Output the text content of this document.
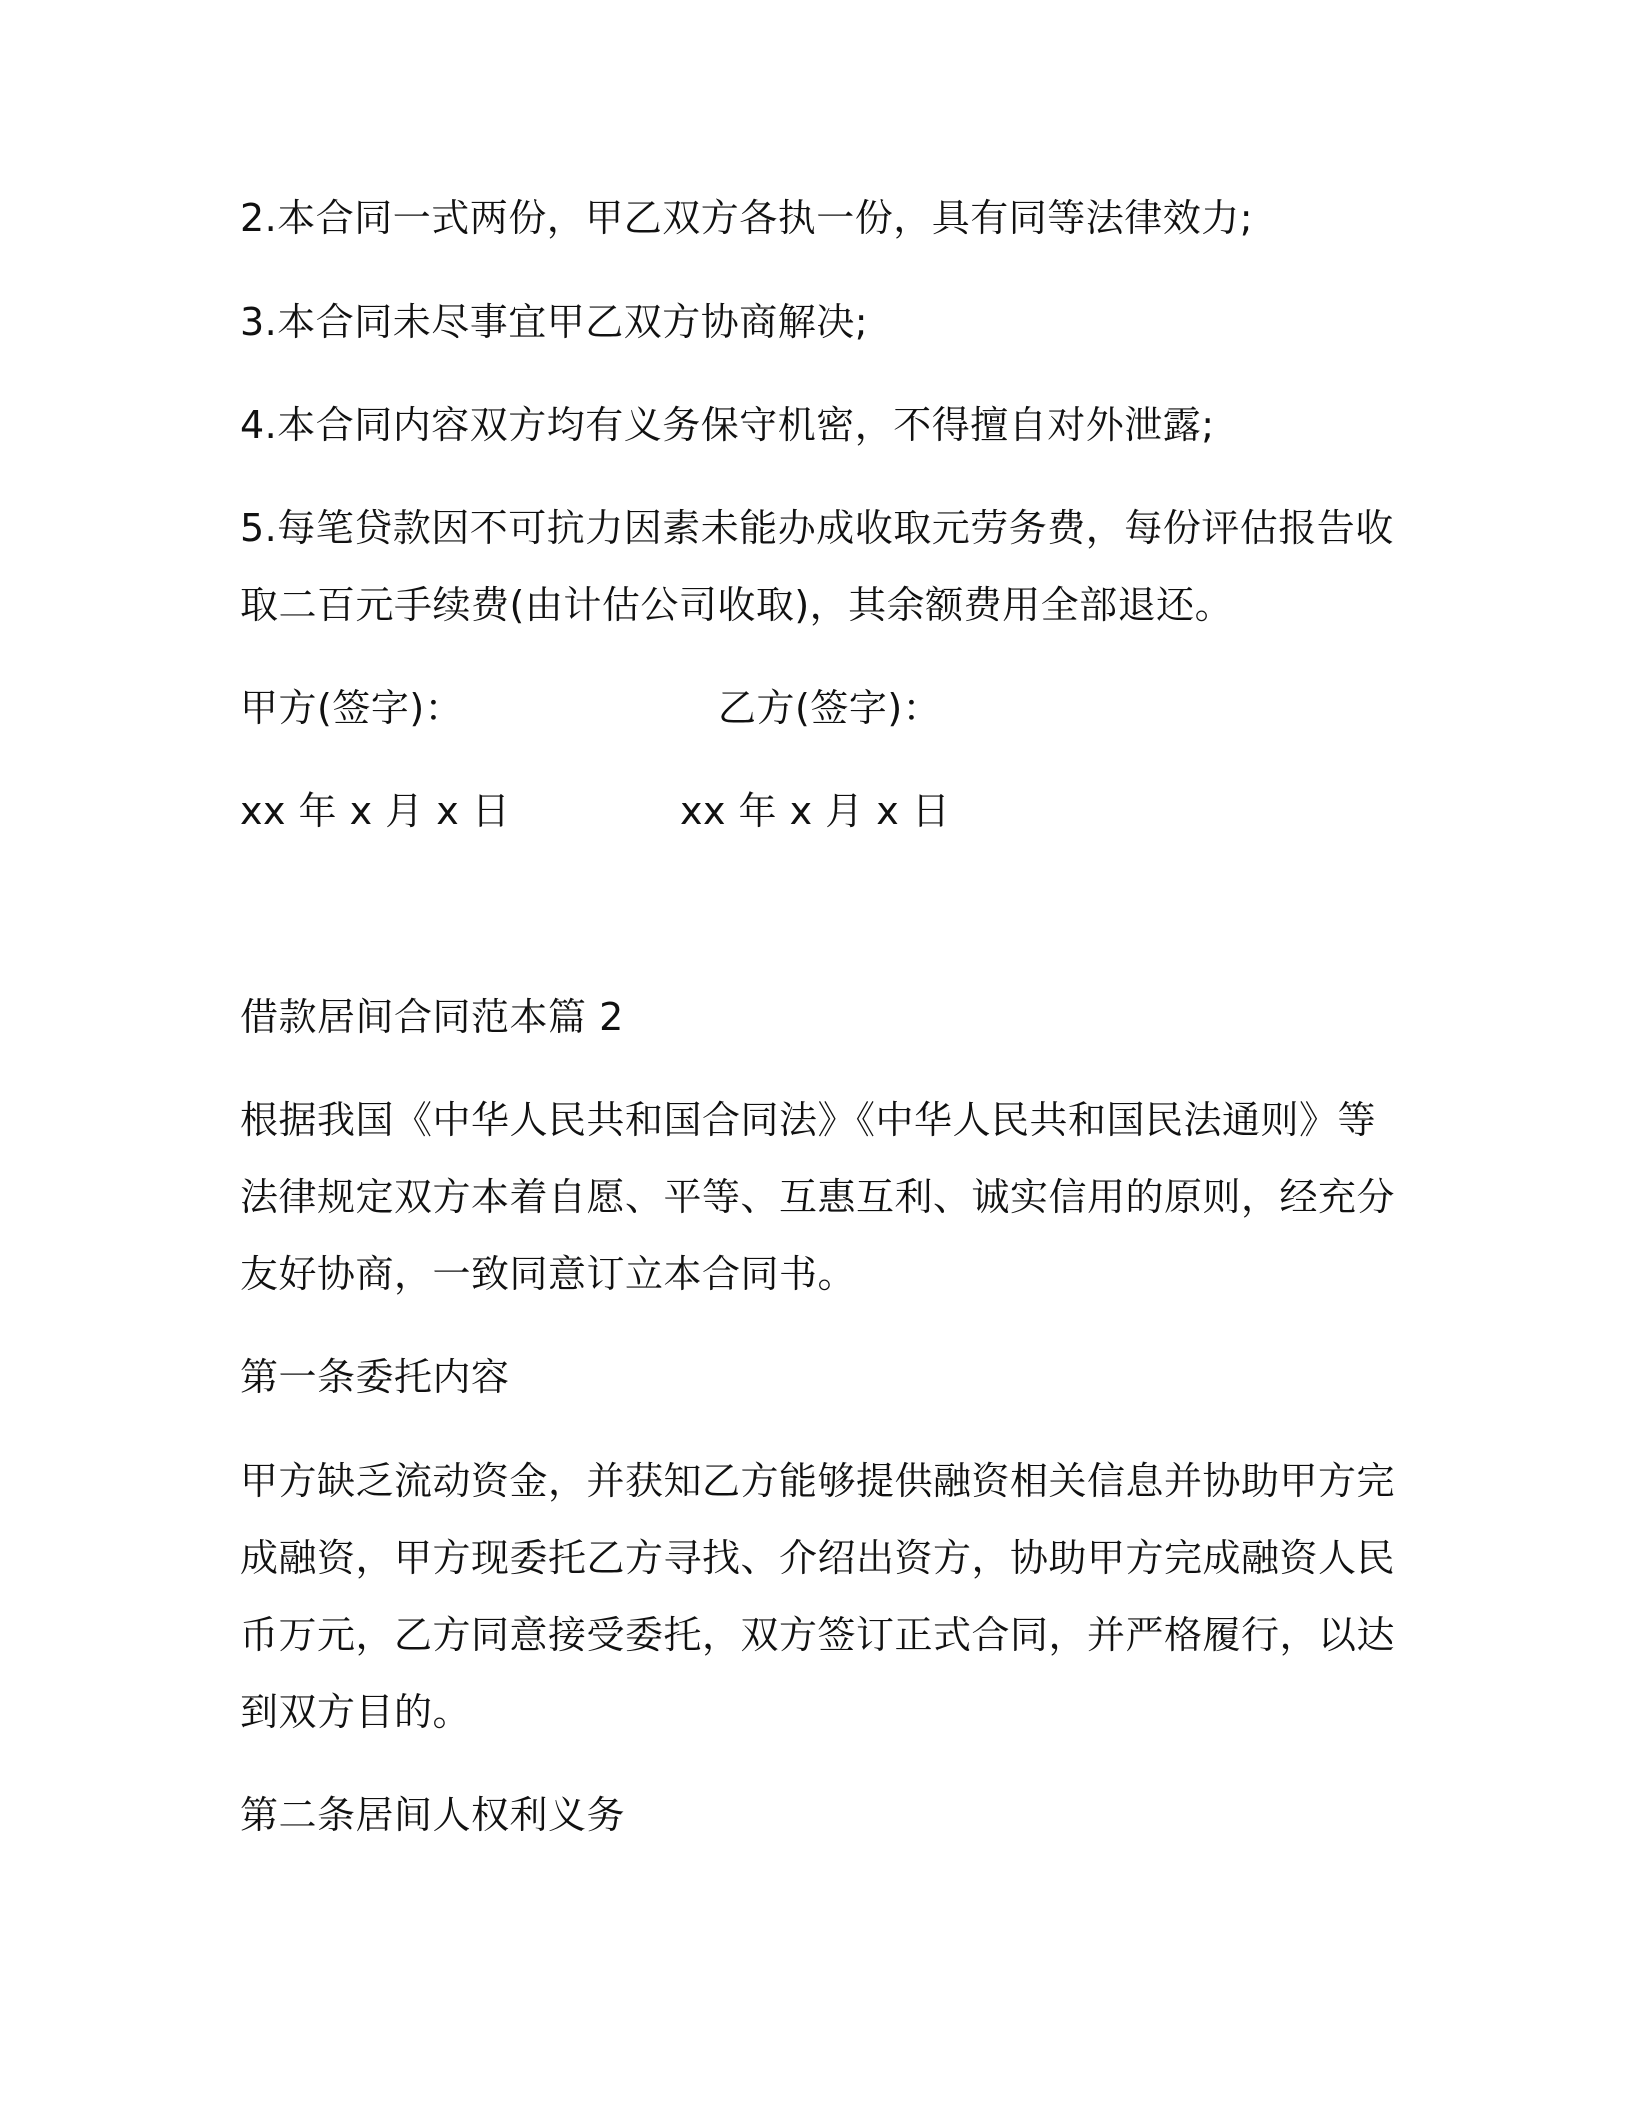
2.本合同一式两份，甲乙双方各执一份，具有同等法律效力;
3.本合同未尽事宜甲乙双方协商解决;
4.本合同内容双方均有义务保守机密，不得擅自对外泄露;
5.每笔贷款因不可抗力因素未能办成收取元劳务费，每份评估报告收
取二百元手续费(由计估公司收取)，其余额费用全部退还。
甲方(签字)：	乙方(签字)：
xx 年 x 月 x 日	xx 年 x 月 x 日
借款居间合同范本篇 2
根据我国《中华人民共和国合同法》《中华人民共和国民法通则》等
法律规定双方本着自愿、平等、互惠互利、诚实信用的原则，经充分
友好协商，一致同意订立本合同书。
第一条委托内容
甲方缺乏流动资金，并获知乙方能够提供融资相关信息并协助甲方完
成融资，甲方现委托乙方寻找、介绍出资方，协助甲方完成融资人民
币万元，乙方同意接受委托，双方签订正式合同，并严格履行，以达
到双方目的。
第二条居间人权利义务
